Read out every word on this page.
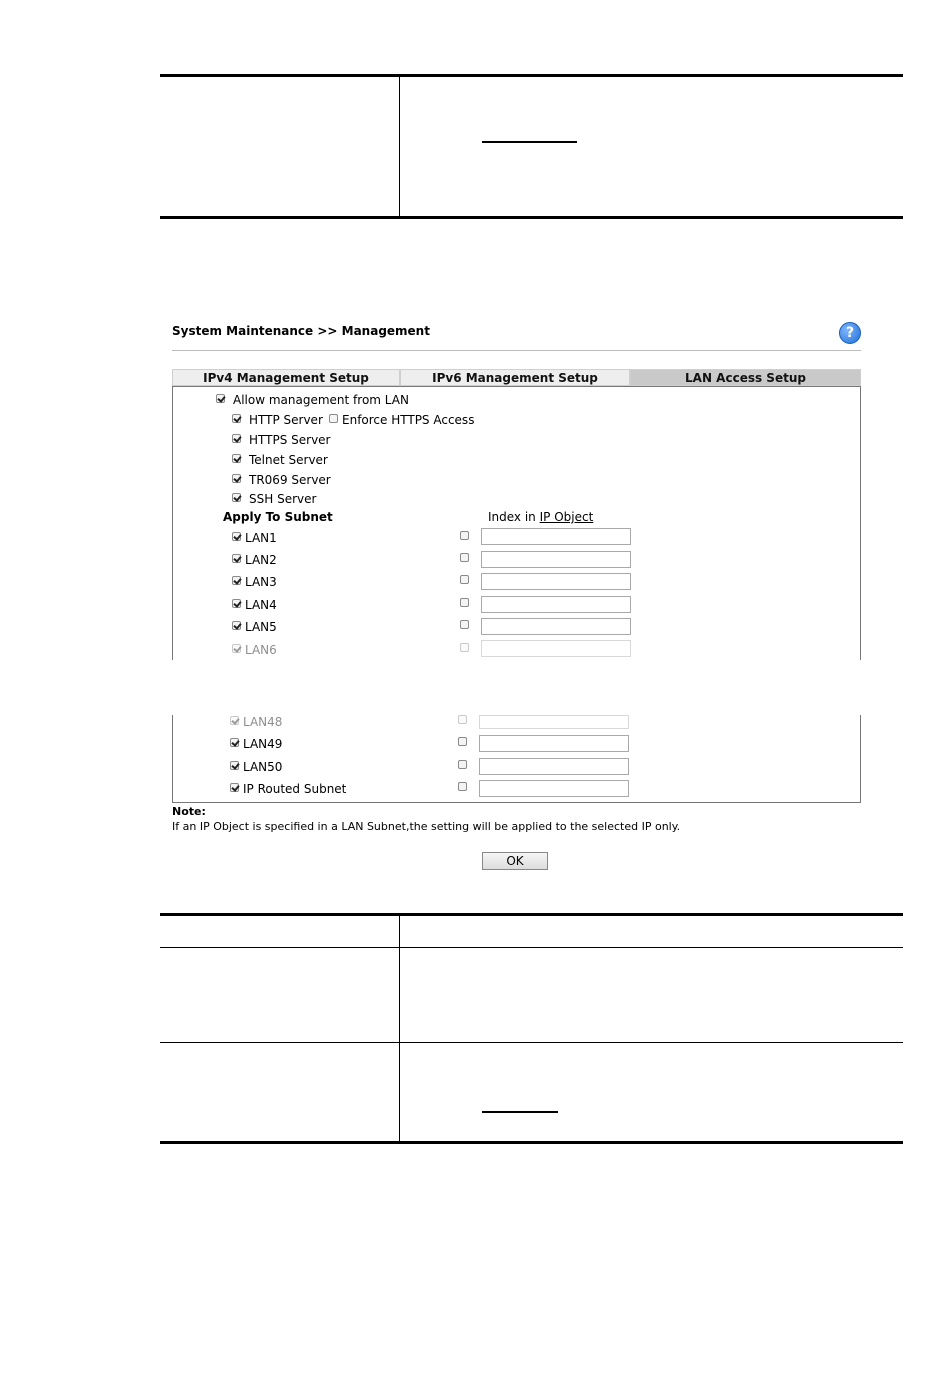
System Maintenance >> Management	?
IPv4 Management Setup	IPv6 Management Setup	LAN Access Setup
Allow management from LAN
HTTP Server Enforce HTTPS Access
HTTPS Server
Telnet Server
TR069 Server
SSH Server
Apply To Subnet	Index in IP Object
LAN1
LAN2
LAN3
LAN4
LAN5
LAN6
LAN48
LAN49
LAN50
IP Routed Subnet
Note:
If an IP Object is specified in a LAN Subnet,the setting will be applied to the selected IP only.
OK
